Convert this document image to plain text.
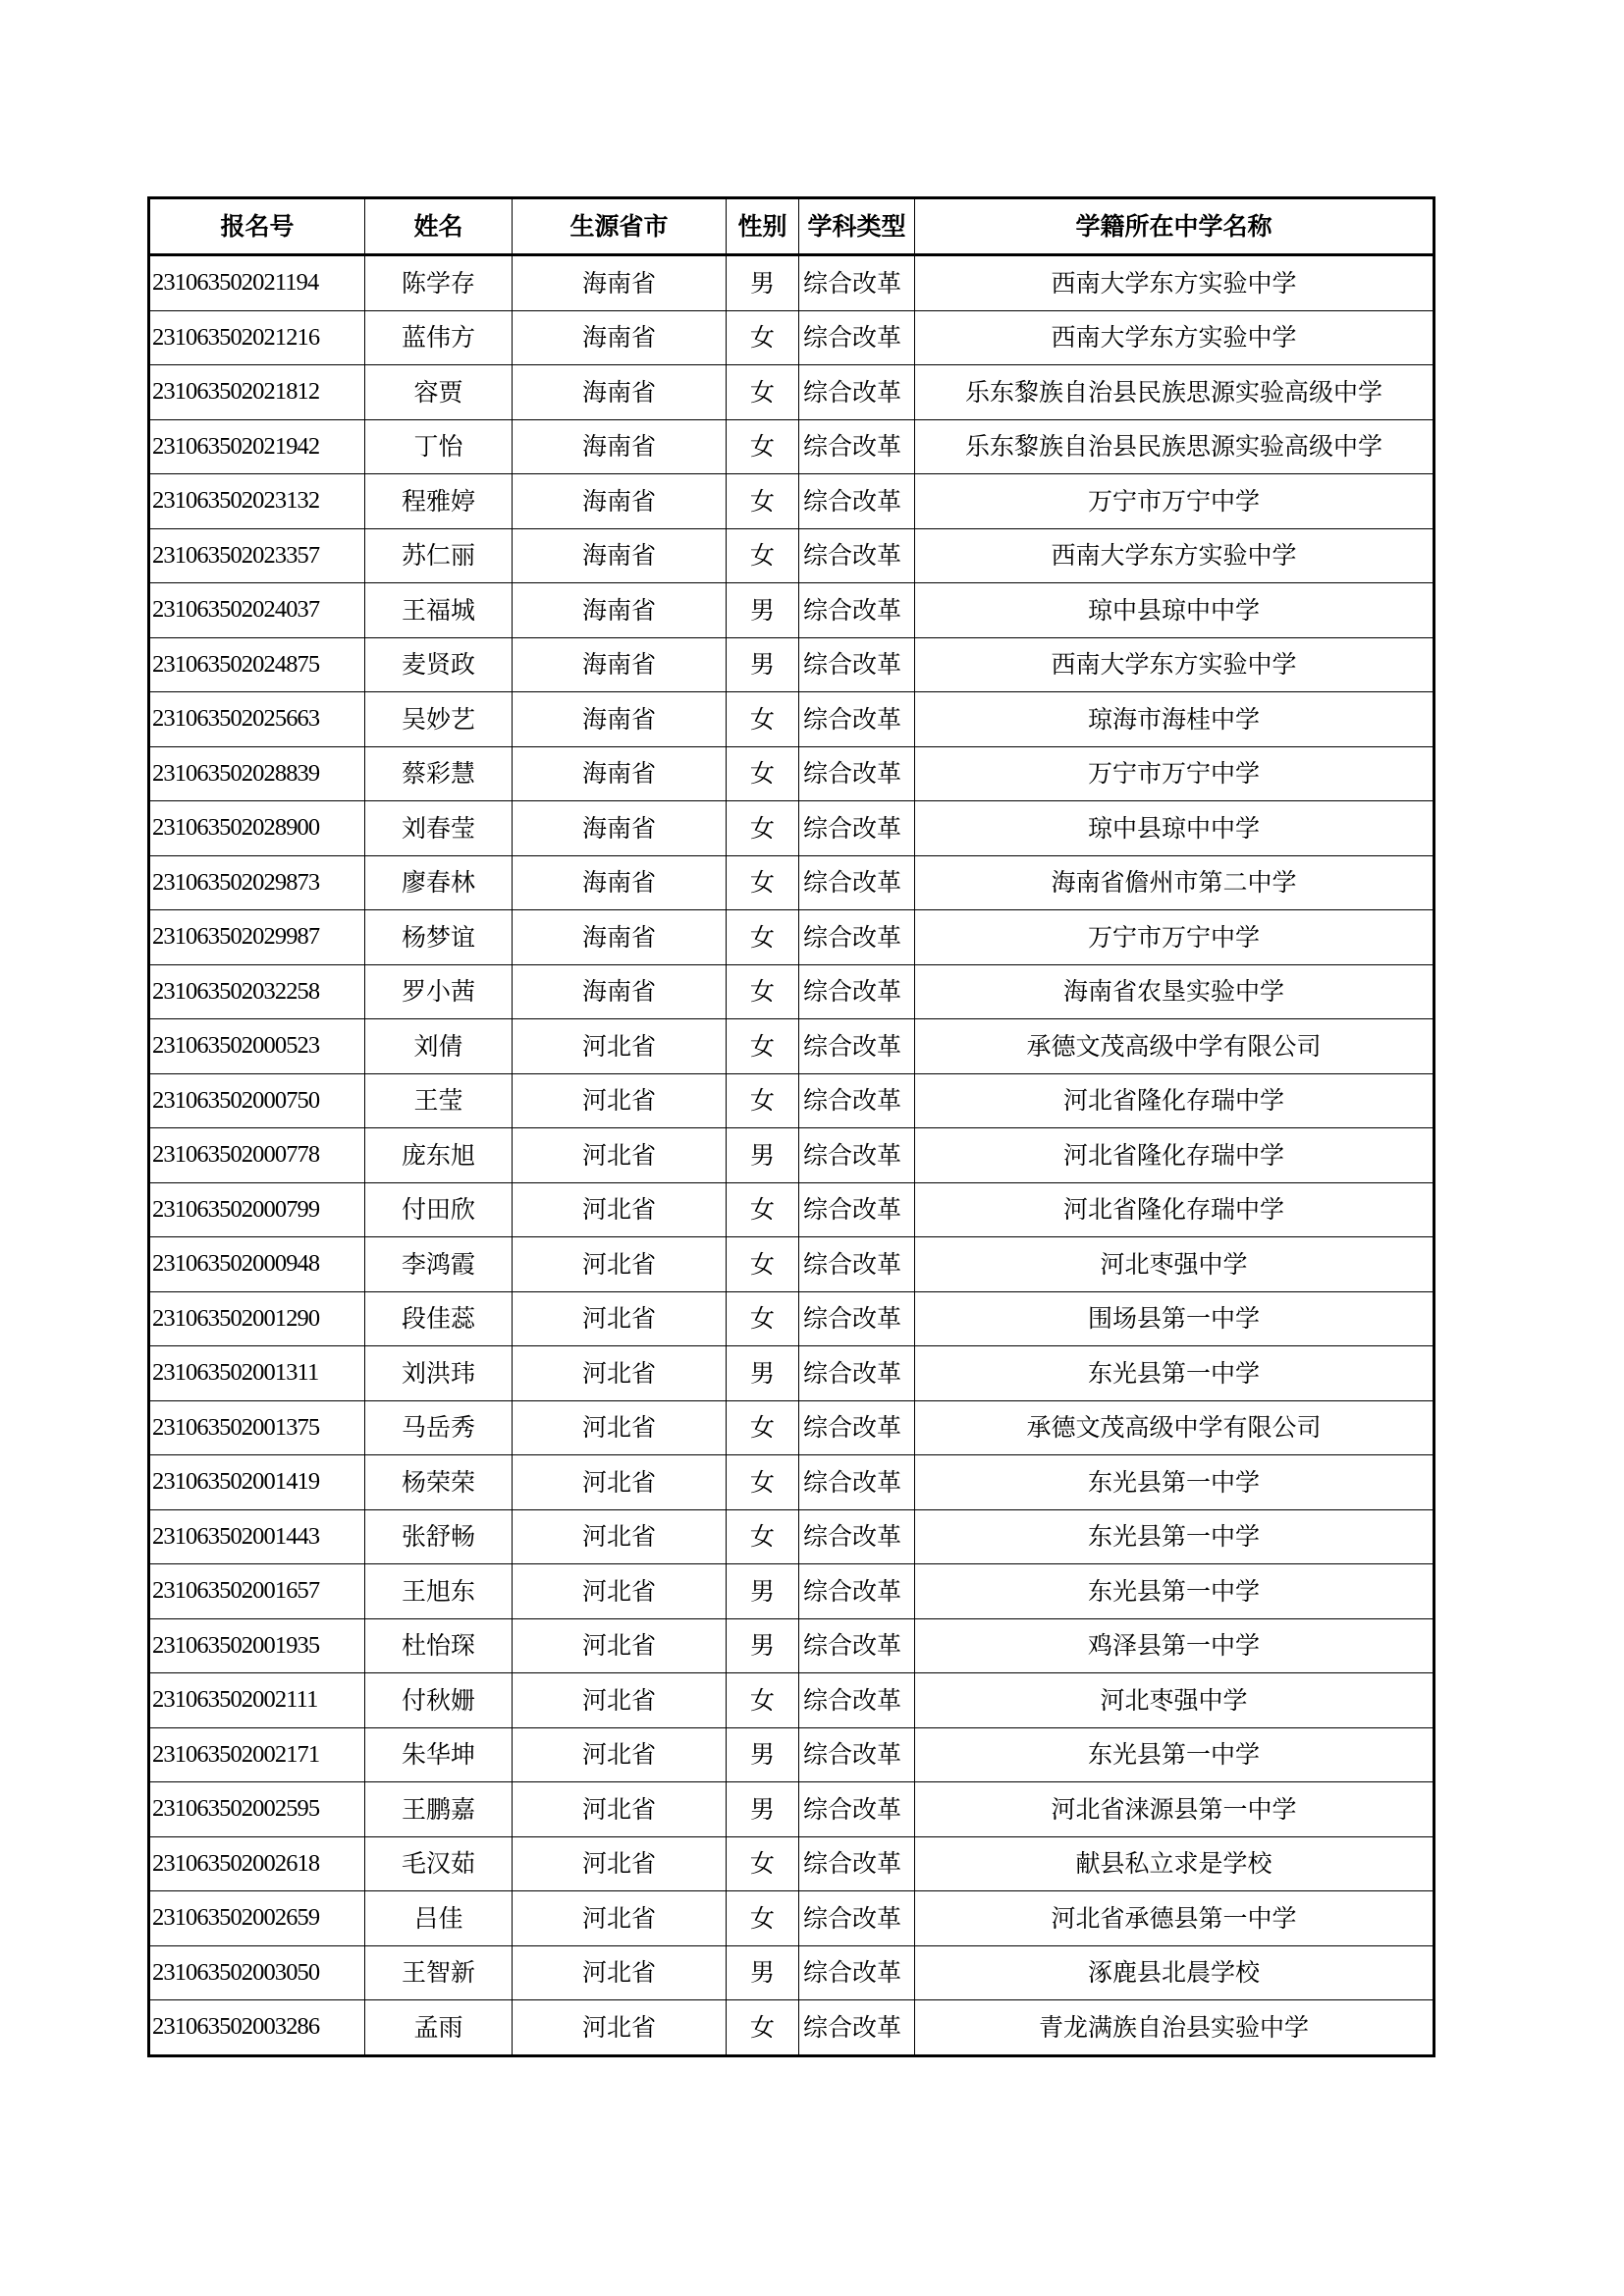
报名号	姓名	生源省市	性别	学科类型	学籍所在中学名称
231063502021194	陈学存	海南省	男	综合改革	西南大学东方实验中学
231063502021216	蓝伟方	海南省	女	综合改革	西南大学东方实验中学
231063502021812	容贾	海南省	女	综合改革	乐东黎族自治县民族思源实验高级中学
231063502021942	丁怡	海南省	女	综合改革	乐东黎族自治县民族思源实验高级中学
231063502023132	程雅婷	海南省	女	综合改革	万宁市万宁中学
231063502023357	苏仁丽	海南省	女	综合改革	西南大学东方实验中学
231063502024037	王福城	海南省	男	综合改革	琼中县琼中中学
231063502024875	麦贤政	海南省	男	综合改革	西南大学东方实验中学
231063502025663	吴妙艺	海南省	女	综合改革	琼海市海桂中学
231063502028839	蔡彩慧	海南省	女	综合改革	万宁市万宁中学
231063502028900	刘春莹	海南省	女	综合改革	琼中县琼中中学
231063502029873	廖春林	海南省	女	综合改革	海南省儋州市第二中学
231063502029987	杨梦谊	海南省	女	综合改革	万宁市万宁中学
231063502032258	罗小茜	海南省	女	综合改革	海南省农垦实验中学
231063502000523	刘倩	河北省	女	综合改革	承德文茂高级中学有限公司
231063502000750	王莹	河北省	女	综合改革	河北省隆化存瑞中学
231063502000778	庞东旭	河北省	男	综合改革	河北省隆化存瑞中学
231063502000799	付田欣	河北省	女	综合改革	河北省隆化存瑞中学
231063502000948	李鸿霞	河北省	女	综合改革	河北枣强中学
231063502001290	段佳蕊	河北省	女	综合改革	围场县第一中学
231063502001311	刘洪玮	河北省	男	综合改革	东光县第一中学
231063502001375	马岳秀	河北省	女	综合改革	承德文茂高级中学有限公司
231063502001419	杨荣荣	河北省	女	综合改革	东光县第一中学
231063502001443	张舒畅	河北省	女	综合改革	东光县第一中学
231063502001657	王旭东	河北省	男	综合改革	东光县第一中学
231063502001935	杜怡琛	河北省	男	综合改革	鸡泽县第一中学
231063502002111	付秋姗	河北省	女	综合改革	河北枣强中学
231063502002171	朱华坤	河北省	男	综合改革	东光县第一中学
231063502002595	王鹏嘉	河北省	男	综合改革	河北省涞源县第一中学
231063502002618	毛汉茹	河北省	女	综合改革	献县私立求是学校
231063502002659	吕佳	河北省	女	综合改革	河北省承德县第一中学
231063502003050	王智新	河北省	男	综合改革	涿鹿县北晨学校
231063502003286	孟雨	河北省	女	综合改革	青龙满族自治县实验中学
